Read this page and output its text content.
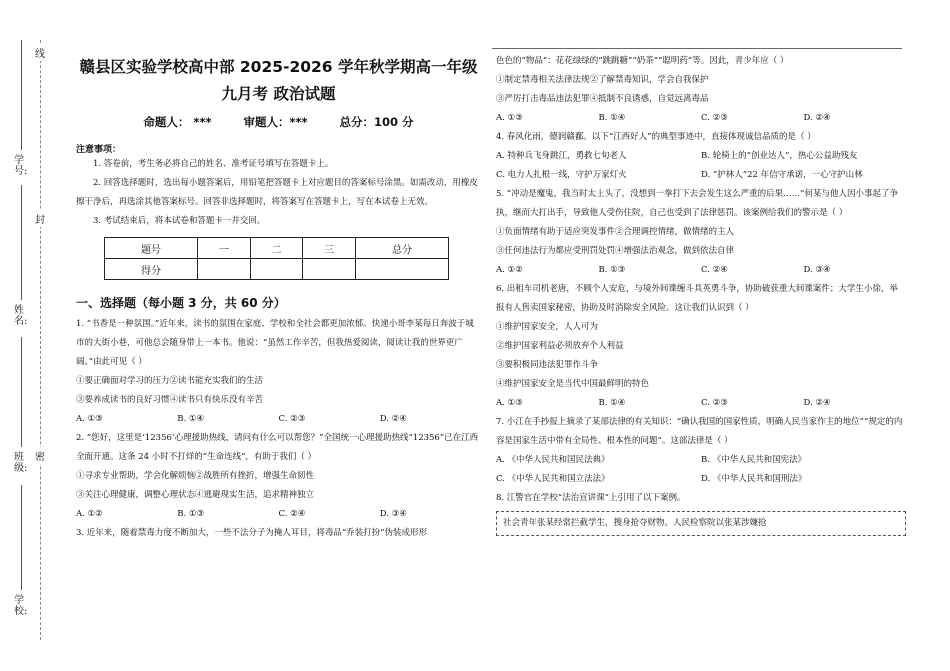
学号:
姓名:
班级:
学校:
线
封
密
赣县区实验学校高中部 2025-2026 学年秋学期高一年级
九月考 政治试题
命题人： ***	审题人：***	总分：100 分
注意事项：

1. 答卷前，考生务必将自己的姓名、准考证号填写在答题卡上。

2. 回答选择题时，选出每小题答案后，用铅笔把答题卡上对应题目的答案标号涂黑。如需改动，用橡皮擦干净后，再选涂其他答案标号。回答非选择题时，将答案写在答题卡上，写在本试卷上无效。

3. 考试结束后，将本试卷和答题卡一并交回。

题号	一	二	三	总分
得分				
一、选择题（每小题 3 分，共 60 分）

1. “书香是一种氛围。”近年来，读书的氛围在家庭、学校和全社会都更加浓郁。快递小哥李某每日奔波于城市的大街小巷，可他总会随身带上一本书。他说：“虽然工作辛苦，但我热爱阅读，阅读让我的世界更广阔。”由此可见（ ）

①要正确面对学习的压力②读书能充实我们的生活

③要养成读书的良好习惯④读书只有快乐没有辛苦

A. ①③	B. ①④	C. ②③	D. ②④

2. “您好，这里是‘12356’心理援助热线，请问有什么可以帮您？”全国统一心理援助热线“12356”已在江西全面开通。这条 24 小时不打烊的“生命连线”，有助于我们（ ）

①寻求专业帮助，学会化解烦恼②战胜所有挫折，增强生命韧性

③关注心理健康，调整心理状态④逃避现实生活，追求精神独立

A. ①②	B. ①③	C. ②④	D. ③④

3. 近年来，随着禁毒力度不断加大，一些不法分子为掩人耳目，将毒品“乔装打扮”伪装成形形

色色的“物品”：花花绿绿的“跳跳糖”“奶茶”“聪明药”等。因此，青少年应（ ）

①制定禁毒相关法律法规②了解禁毒知识，学会自我保护

③严厉打击毒品违法犯罪④抵制不良诱惑，自觉远离毒品

A. ①③	B. ①④	C. ②③	D. ②④

4. 春风化雨，德润赣鄱。以下“江西好人”的典型事迹中，直接体现诚信品质的是（ ）

A. 特种兵飞身跳江，勇救七旬老人	B. 轮椅上的“创业达人”，热心公益助残友
C. 电力人扎根一线，守护万家灯火	D. “护林人”22 年信守承诺，一心守护山林

5. “冲动是魔鬼，我当时太上头了，没想到一拳打下去会发生这么严重的后果……”何某与他人因小事起了争执，继而大打出手，导致他人受伤住院，自己也受到了法律惩罚。该案例给我们的警示是（ ）

①负面情绪有助于适应突发事件②合理调控情绪，做情绪的主人

③任何违法行为都应受刑罚处罚④增强法治观念，做到依法自律

A. ①②	B. ①③	C. ②④	D. ③④

6. 出租车司机老唐，不顾个人安危，与境外间谍缠斗具英勇斗争，协助破获重大间谍案件；大学生小徐，举报有人售卖国家秘密，协助及时消除安全风险。这让我们认识到（ ）

①维护国家安全，人人可为

②维护国家利益必须放弃个人利益

③要积极同违法犯罪作斗争

④维护国家安全是当代中国最鲜明的特色

A. ①③	B. ①④	C. ②③	D. ②④

7. 小江在手抄报上摘录了某部法律的有关知识：“确认我国的国家性质，明确人民当家作主的地位”“规定的内容是国家生活中带有全局性、根本性的问题”。这部法律是（ ）

A. 《中华人民共和国民法典》	B. 《中华人民共和国宪法》
C. 《中华人民共和国立法法》	D. 《中华人民共和国刑法》

8. 江警官在学校“法治宣讲课”上引用了以下案例。

社会青年张某经常拦截学生，搜身抢夺财物。人民检察院以张某涉嫌抢
